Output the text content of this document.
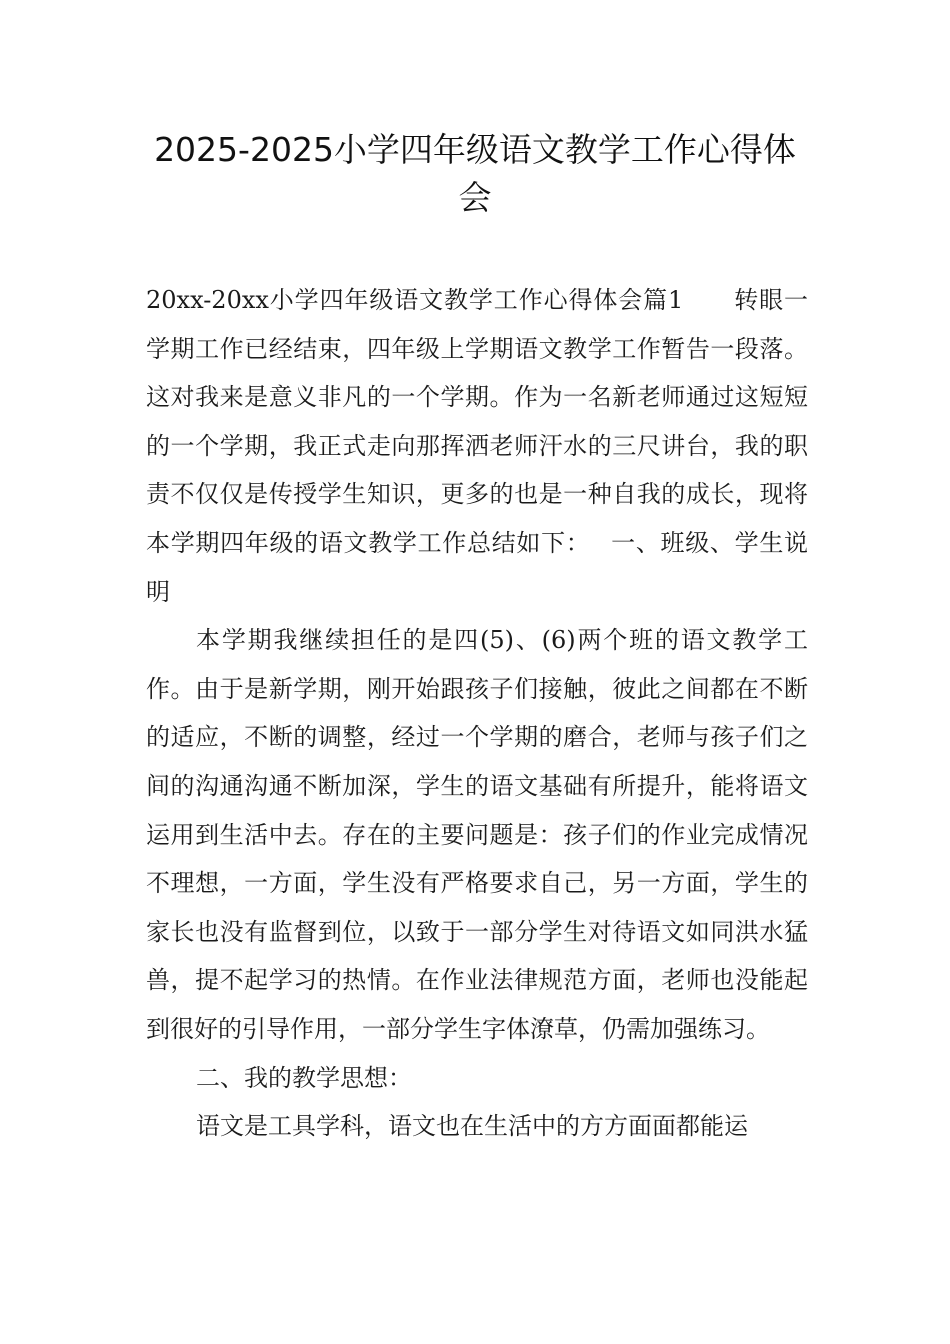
2025-2025小学四年级语文教学工作心得体会

20xx-20xx小学四年级语文教学工作心得体会篇1 转眼一学期工作已经结束，四年级上学期语文教学工作暂告一段落。这对我来是意义非凡的一个学期。作为一名新老师通过这短短的一个学期，我正式走向那挥洒老师汗水的三尺讲台，我的职责不仅仅是传授学生知识，更多的也是一种自我的成长，现将本学期四年级的语文教学工作总结如下： 一、班级、学生说明

本学期我继续担任的是四(5)、(6)两个班的语文教学工作。由于是新学期，刚开始跟孩子们接触，彼此之间都在不断的适应，不断的调整，经过一个学期的磨合，老师与孩子们之间的沟通沟通不断加深，学生的语文基础有所提升，能将语文运用到生活中去。存在的主要问题是：孩子们的作业完成情况不理想，一方面，学生没有严格要求自己，另一方面，学生的家长也没有监督到位，以致于一部分学生对待语文如同洪水猛兽，提不起学习的热情。在作业法律规范方面，老师也没能起到很好的引导作用，一部分学生字体潦草，仍需加强练习。

二、我的教学思想：

语文是工具学科，语文也在生活中的方方面面都能运
